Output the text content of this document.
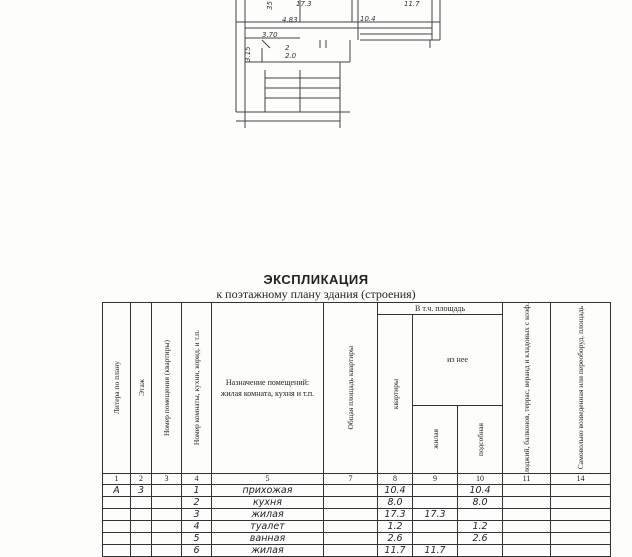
35	17.3
10.4
11.7
4.83
3.70
2
2.0
3.15
ЭКСПЛИКАЦИЯ
к поэтажному плану здания (строения)
Литера по плану	Этаж	Номер помещения (квартиры)	Номер комнаты, кухни, корид. и т.п.	Назначение помещений: жилая комната, кухня и т.п.	Общая площадь квартиры	В т.ч. площадь			лоджий, балконов, террас, веранд и кладовых с коэф.	Самовольно возведенная или переоборуд. площадь

						квартиры	из нее			

							жилая	подсобная		

1	2	3	4	5	7	8	9	10	11	14
А	3		1	прихожая		10.4		10.4		
			2	кухня		8.0		8.0		
			3	жилая		17.3	17.3			
			4	туалет		1.2		1.2		
			5	ванная		2.6		2.6		
			6	жилая		11.7	11.7			
